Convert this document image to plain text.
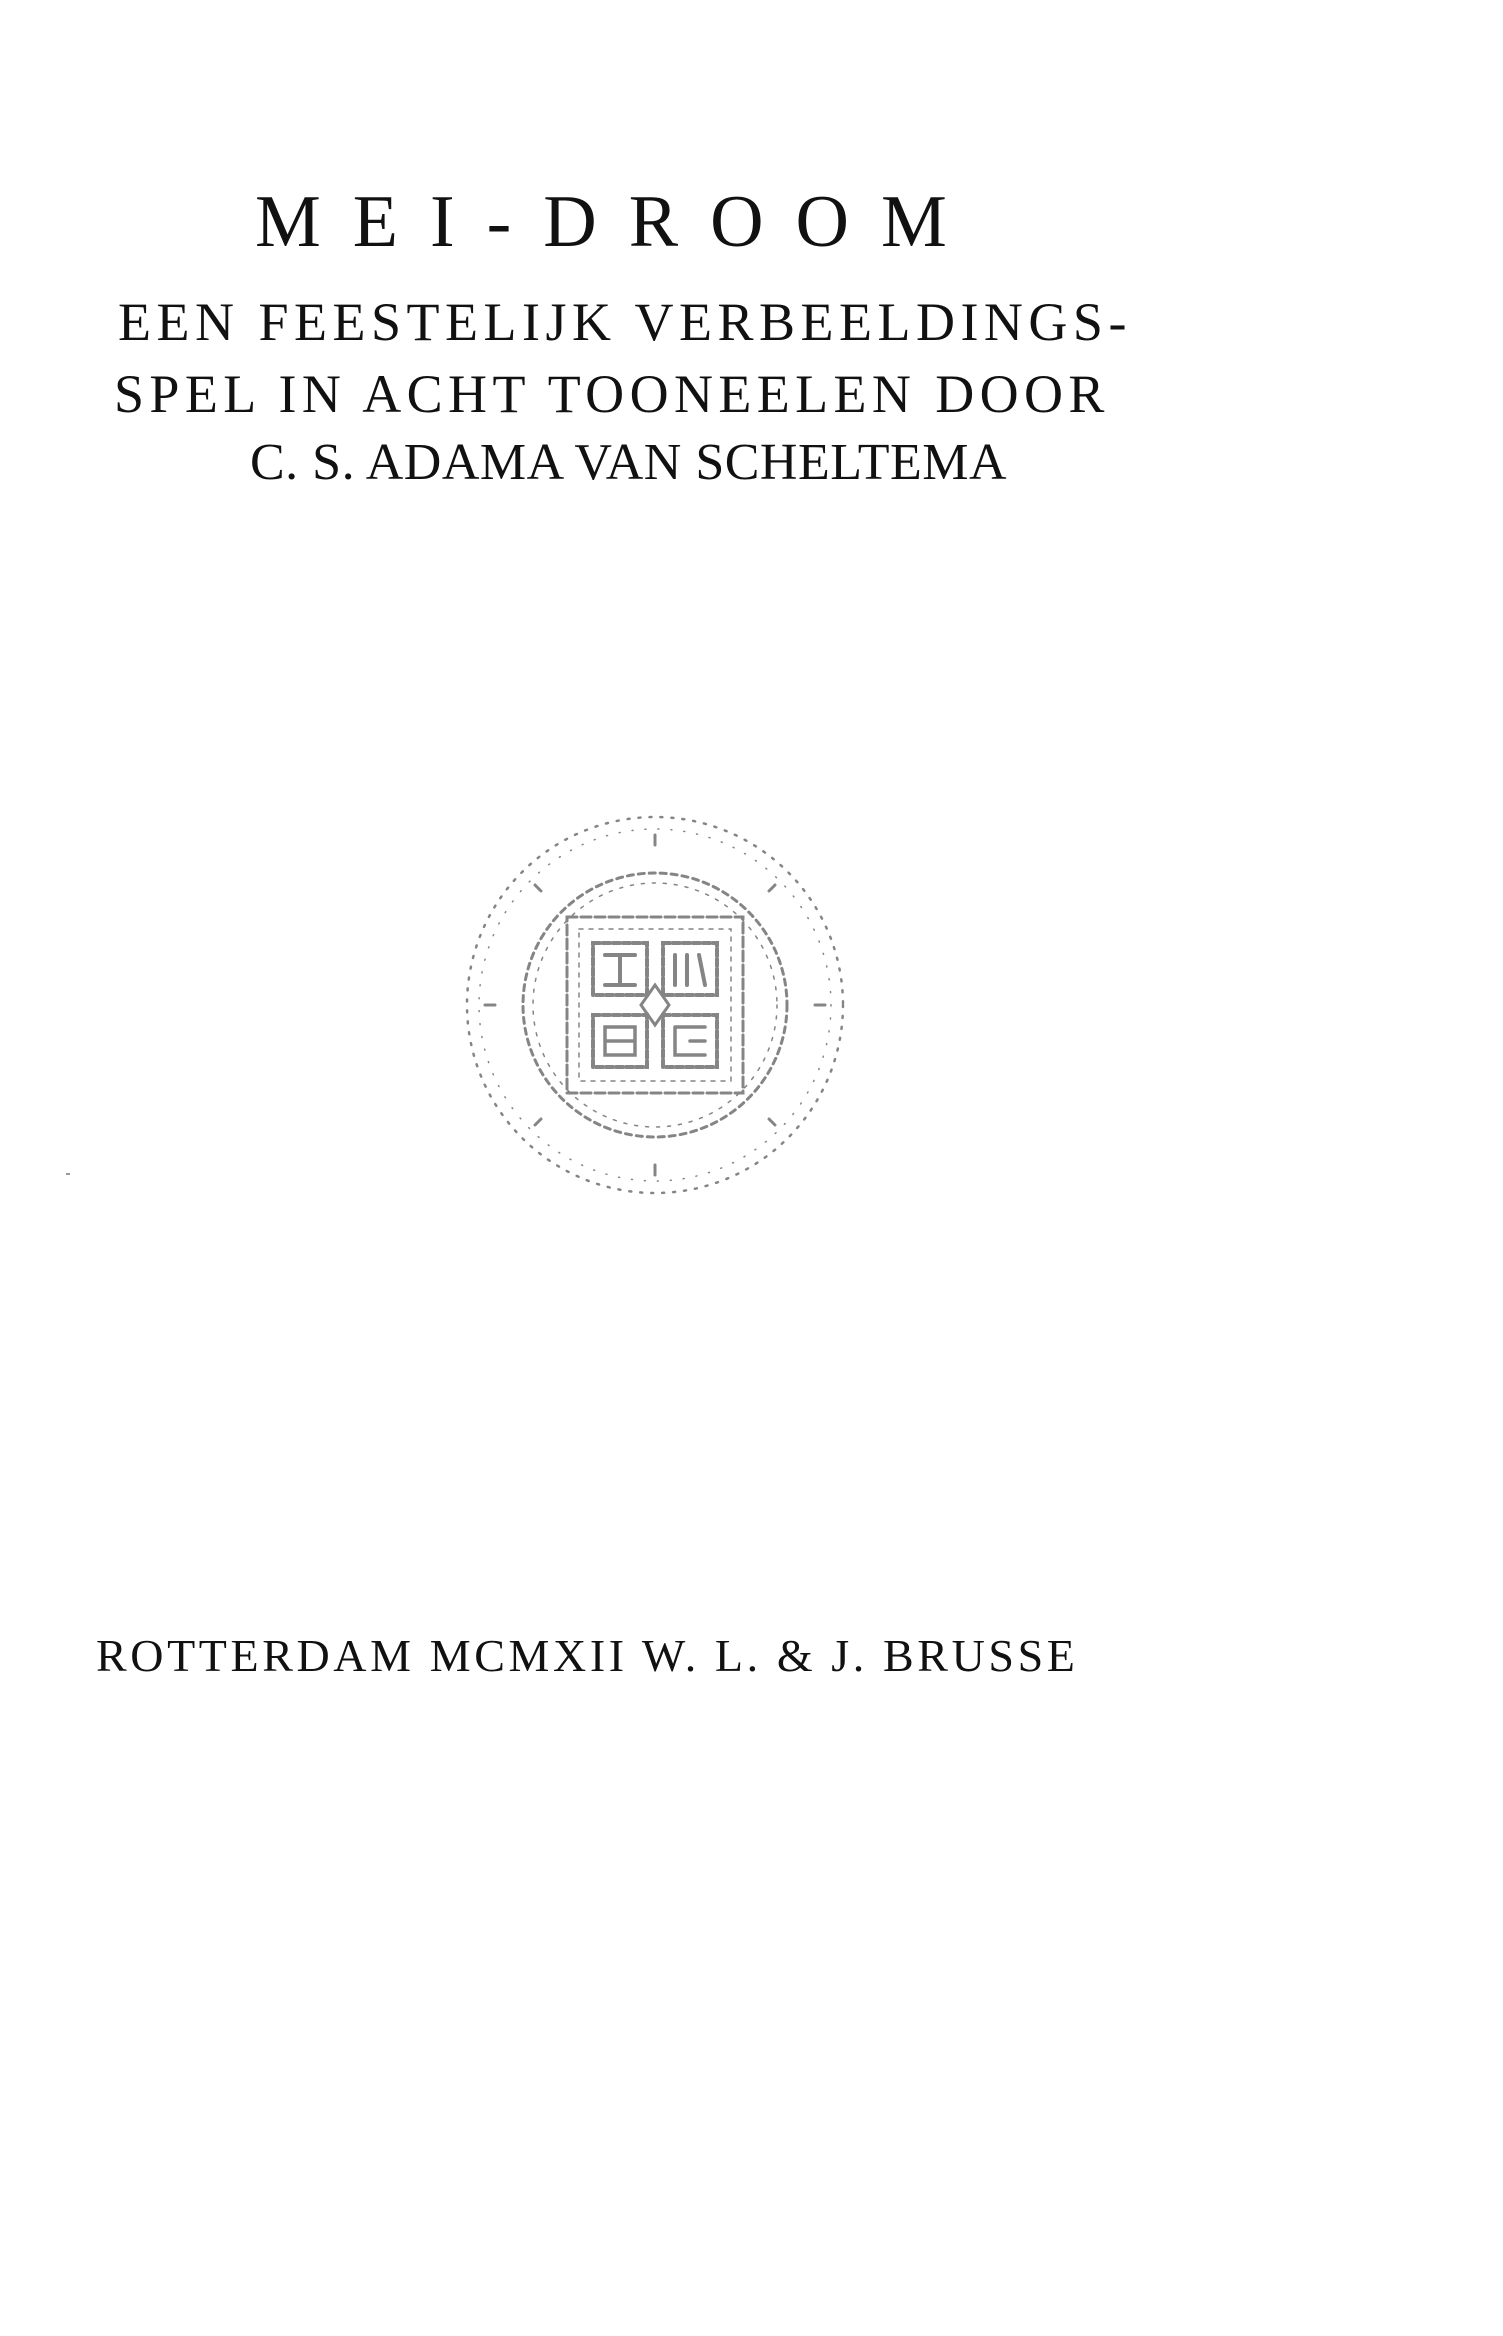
MEI-DROOM
EEN FEESTELIJK VERBEELDINGS-
SPEL IN ACHT TOONEELEN DOOR
C. S. ADAMA VAN SCHELTEMA
ROTTERDAM MCMXII W. L. & J. BRUSSE
